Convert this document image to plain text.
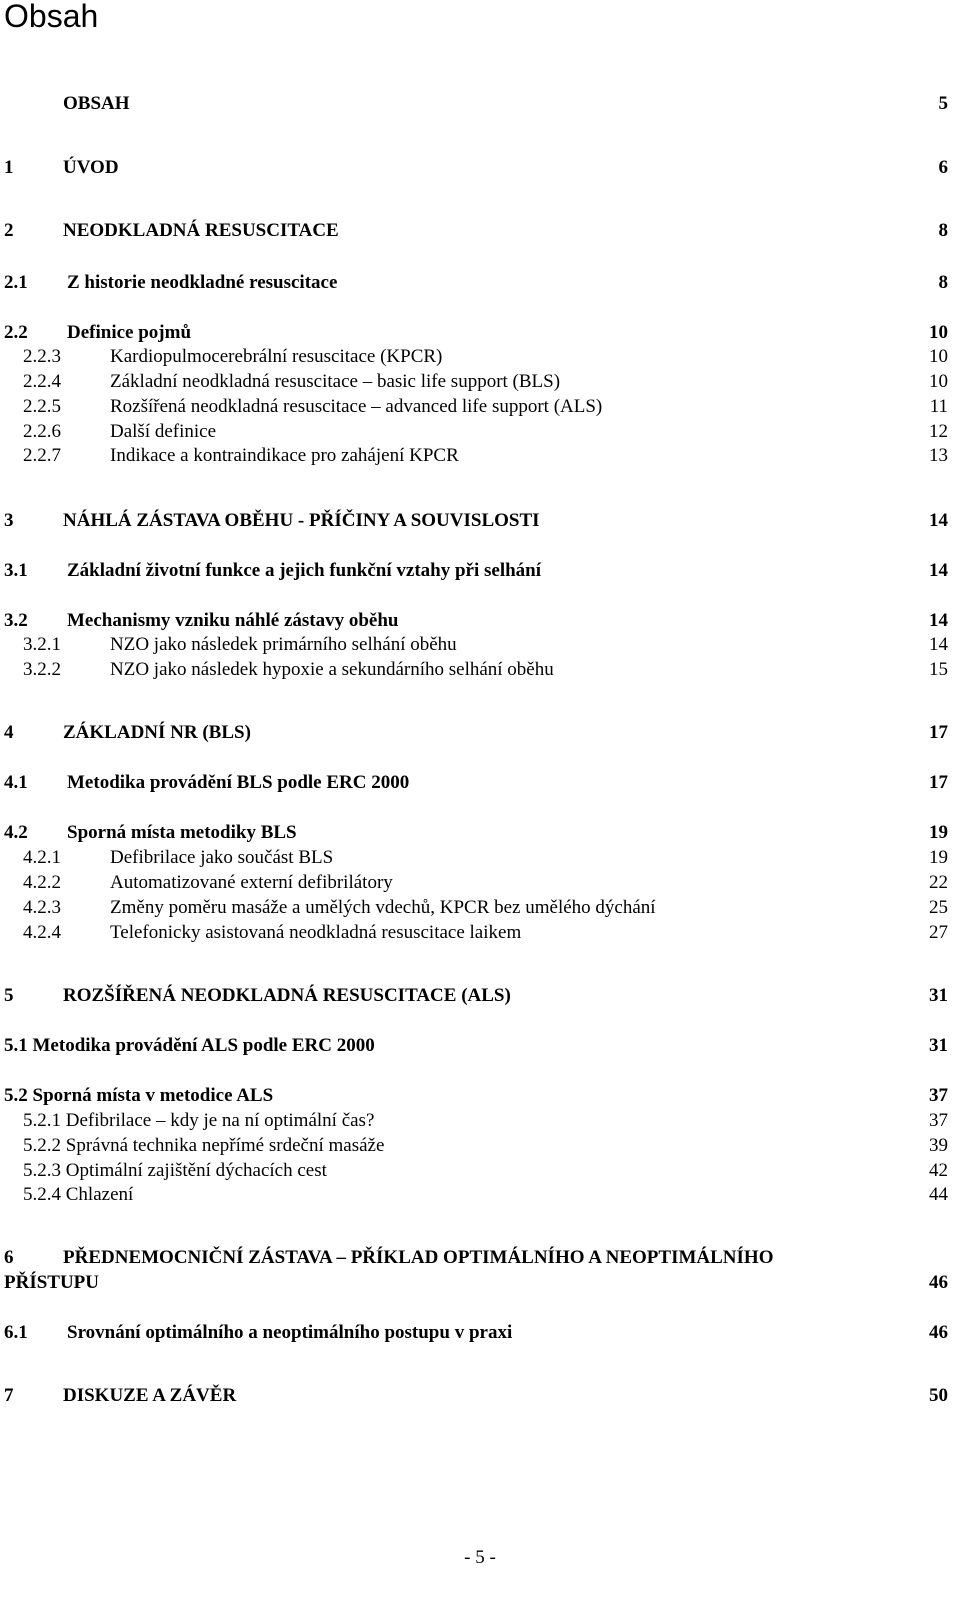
Obsah
OBSAH	5
1	ÚVOD	6
2	NEODKLADNÁ RESUSCITACE	8
2.1 Z historie neodkladné resuscitace	8
2.2 Definice pojmů	10
2.2.3	Kardiopulmocerebrální resuscitace (KPCR)	10
2.2.4	Základní neodkladná resuscitace – basic life support (BLS)	10
2.2.5	Rozšířená neodkladná resuscitace – advanced life support (ALS)	11
2.2.6	Další definice	12
2.2.7	Indikace a kontraindikace pro zahájení KPCR	13
3	NÁHLÁ ZÁSTAVA OBĚHU - PŘÍČINY A SOUVISLOSTI	14
3.1 Základní životní funkce a jejich funkční vztahy při selhání	14
3.2 Mechanismy vzniku náhlé zástavy oběhu	14
3.2.1	NZO jako následek primárního selhání oběhu	14
3.2.2	NZO jako následek hypoxie a sekundárního selhání oběhu	15
4	ZÁKLADNÍ NR (BLS)	17
4.1 Metodika provádění BLS podle ERC 2000	17
4.2 Sporná místa metodiky BLS	19
4.2.1	Defibrilace jako součást BLS	19
4.2.2	Automatizované externí defibrilátory	22
4.2.3	Změny poměru masáže a umělých vdechů, KPCR bez umělého dýchání	25
4.2.4	Telefonicky asistovaná neodkladná resuscitace laikem	27
5	ROZŠÍŘENÁ NEODKLADNÁ RESUSCITACE (ALS)	31
5.1 Metodika provádění ALS podle ERC 2000	31
5.2 Sporná místa v metodice ALS	37
5.2.1 Defibrilace – kdy je na ní optimální čas?	37
5.2.2 Správná technika nepřímé srdeční masáže	39
5.2.3 Optimální zajištění dýchacích cest	42
5.2.4 Chlazení	44
6	PŘEDNEMOCNIČNÍ ZÁSTAVA – PŘÍKLAD OPTIMÁLNÍHO A NEOPTIMÁLNÍHO
PŘÍSTUPU	46
6.1 Srovnání optimálního a neoptimálního postupu v praxi	46
7	DISKUZE A ZÁVĚR	50
- 5 -
